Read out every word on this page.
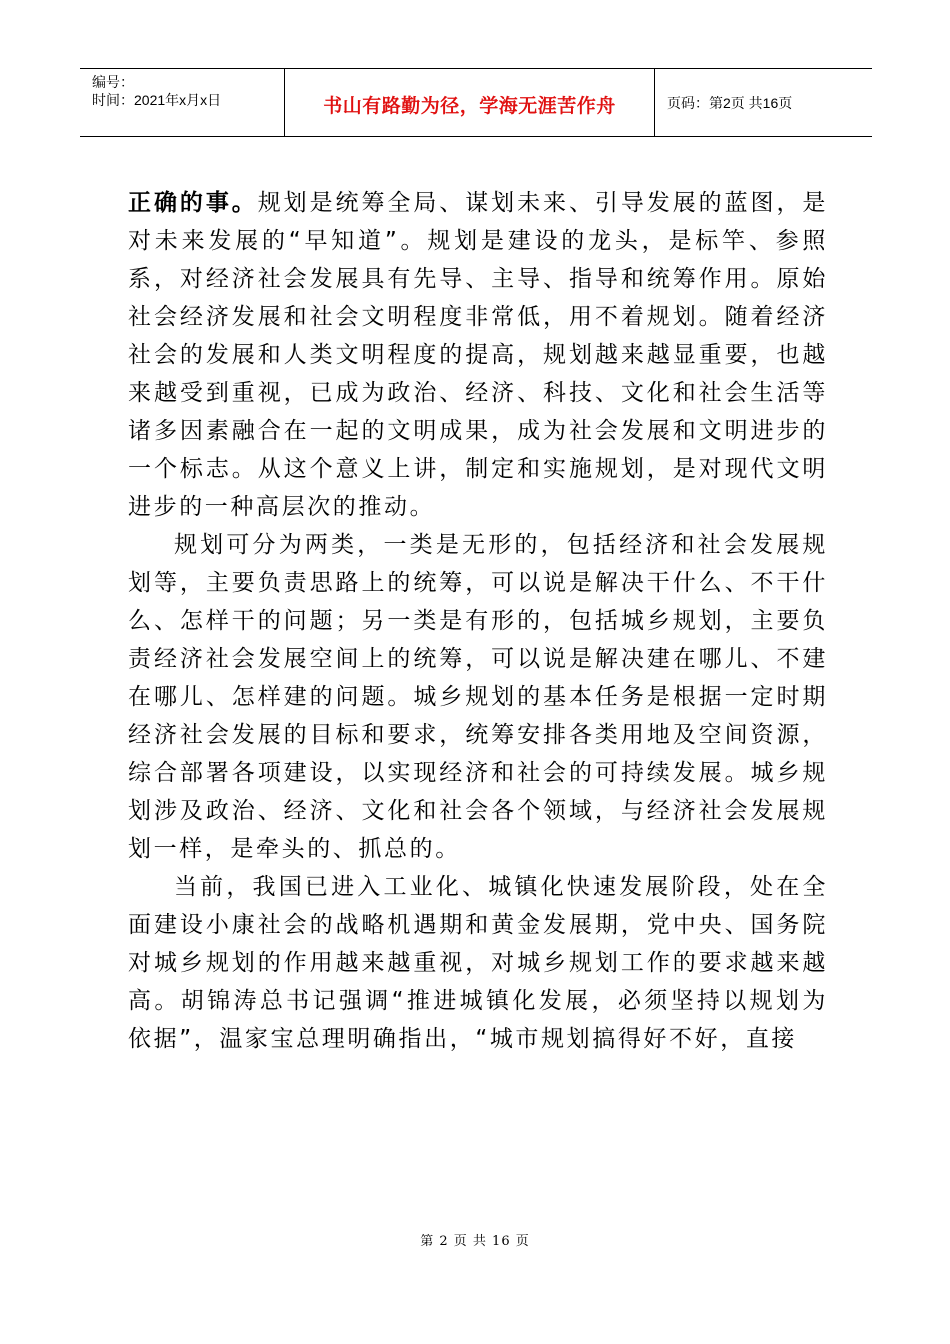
编号：
时间：2021年x月x日	书山有路勤为径，学海无涯苦作舟	页码：第2页 共16页

正确的事。规划是统筹全局、谋划未来、引导发展的蓝图，是对未来发展的“早知道”。规划是建设的龙头，是标竿、参照系，对经济社会发展具有先导、主导、指导和统筹作用。原始社会经济发展和社会文明程度非常低，用不着规划。随着经济社会的发展和人类文明程度的提高，规划越来越显重要，也越来越受到重视，已成为政治、经济、科技、文化和社会生活等诸多因素融合在一起的文明成果，成为社会发展和文明进步的一个标志。从这个意义上讲，制定和实施规划，是对现代文明进步的一种高层次的推动。

规划可分为两类，一类是无形的，包括经济和社会发展规划等，主要负责思路上的统筹，可以说是解决干什么、不干什么、怎样干的问题；另一类是有形的，包括城乡规划，主要负责经济社会发展空间上的统筹，可以说是解决建在哪儿、不建在哪儿、怎样建的问题。城乡规划的基本任务是根据一定时期经济社会发展的目标和要求，统筹安排各类用地及空间资源，综合部署各项建设，以实现经济和社会的可持续发展。城乡规划涉及政治、经济、文化和社会各个领域，与经济社会发展规划一样，是牵头的、抓总的。

当前，我国已进入工业化、城镇化快速发展阶段，处在全面建设小康社会的战略机遇期和黄金发展期，党中央、国务院对城乡规划的作用越来越重视，对城乡规划工作的要求越来越高。胡锦涛总书记强调“推进城镇化发展，必须坚持以规划为依据”，温家宝总理明确指出，“城市规划搞得好不好，直接

第 2 页 共 16 页
